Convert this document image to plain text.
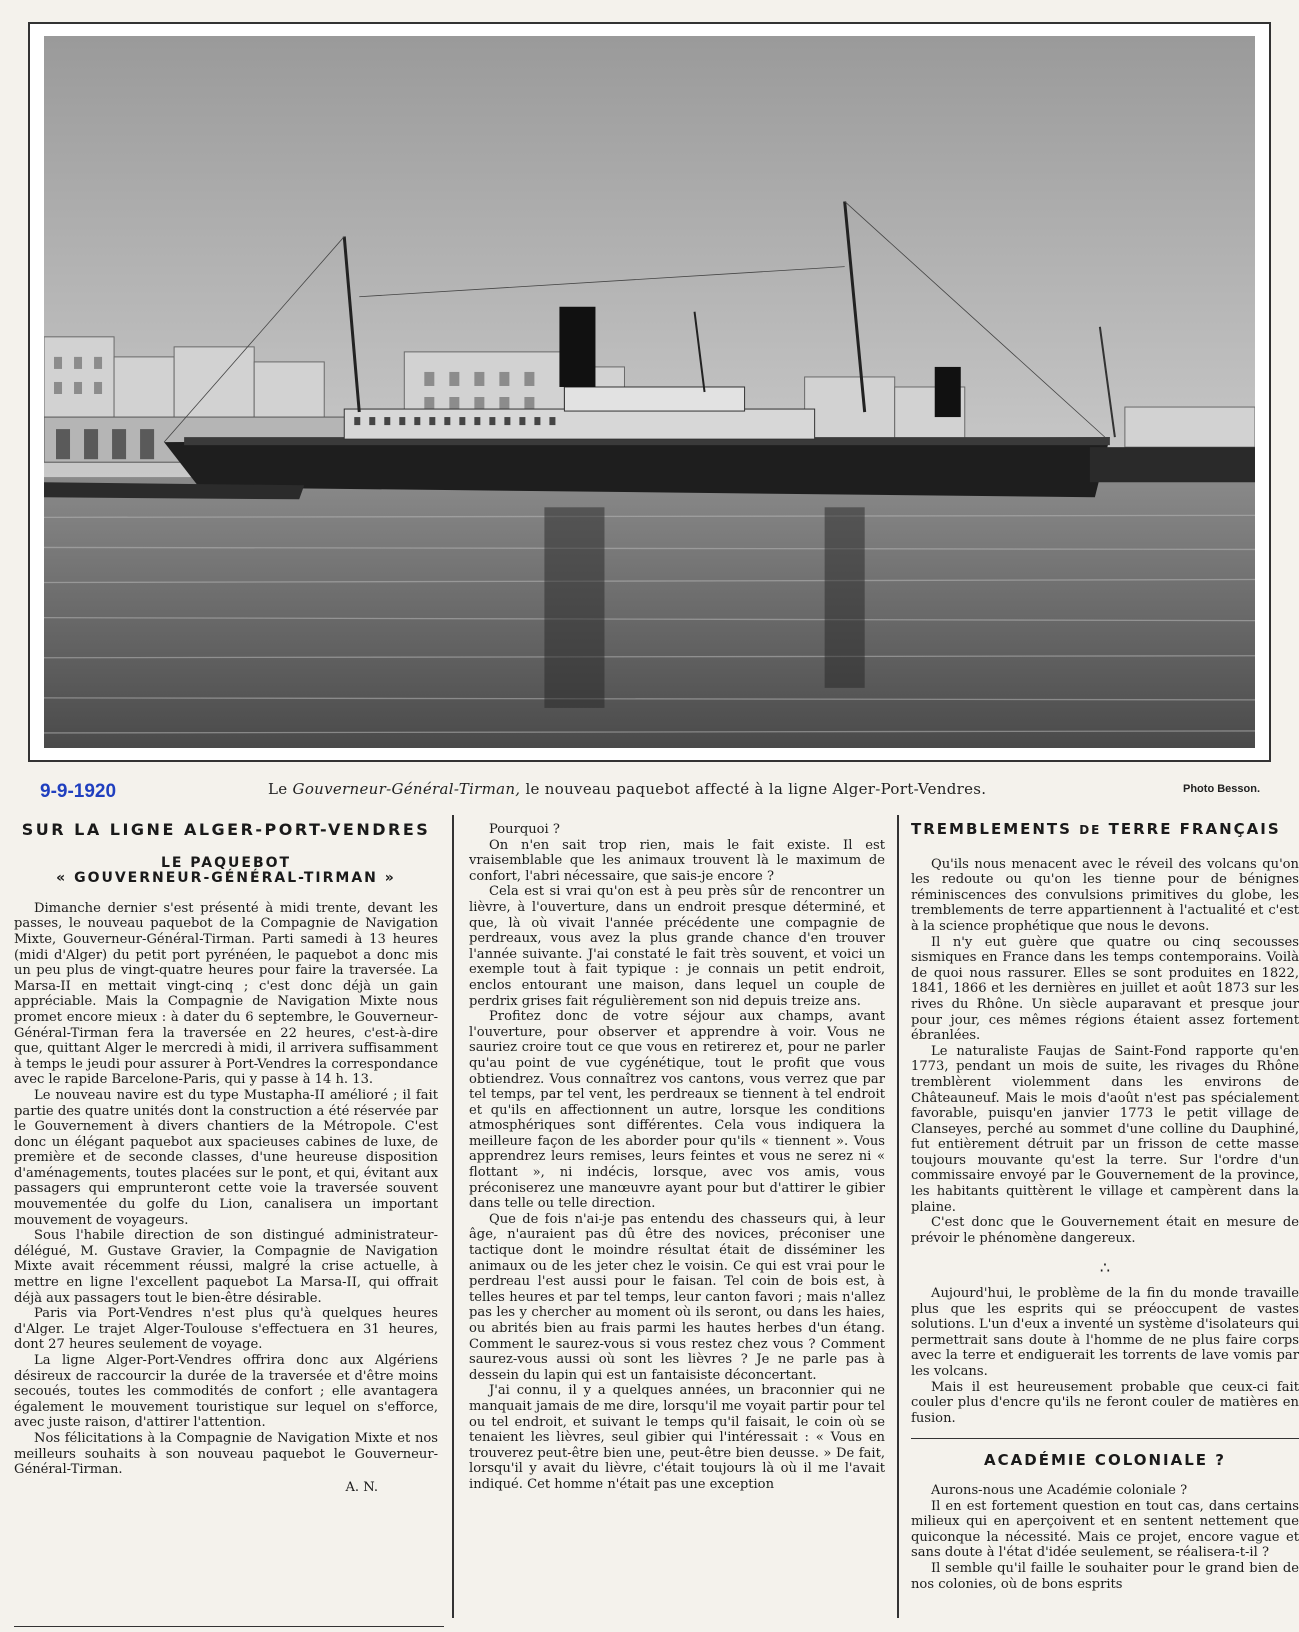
9-9-1920	Le Gouverneur-Général-Tirman, le nouveau paquebot affecté à la ligne Alger-Port-Vendres.	Photo Besson.
SUR LA LIGNE ALGER-PORT-VENDRES
LE PAQUEBOT
« GOUVERNEUR-GÉNÉRAL-TIRMAN »

Dimanche dernier s'est présenté à midi trente, devant les passes, le nouveau paquebot de la Compagnie de Navigation Mixte, Gouverneur-Général-Tirman. Parti samedi à 13 heures (midi d'Alger) du petit port pyrénéen, le paquebot a donc mis un peu plus de vingt-quatre heures pour faire la traversée. La Marsa-II en mettait vingt-cinq ; c'est donc déjà un gain appréciable. Mais la Compagnie de Navigation Mixte nous promet encore mieux : à dater du 6 septembre, le Gouverneur-Général-Tirman fera la traversée en 22 heures, c'est-à-dire que, quittant Alger le mercredi à midi, il arrivera suffisamment à temps le jeudi pour assurer à Port-Vendres la correspondance avec le rapide Barcelone-Paris, qui y passe à 14 h. 13.

Le nouveau navire est du type Mustapha-II amélioré ; il fait partie des quatre unités dont la construction a été réservée par le Gouvernement à divers chantiers de la Métropole. C'est donc un élégant paquebot aux spacieuses cabines de luxe, de première et de seconde classes, d'une heureuse disposition d'aménagements, toutes placées sur le pont, et qui, évitant aux passagers qui emprunteront cette voie la traversée souvent mouvementée du golfe du Lion, canalisera un important mouvement de voyageurs.

Sous l'habile direction de son distingué administrateur-délégué, M. Gustave Gravier, la Compagnie de Navigation Mixte avait récemment réussi, malgré la crise actuelle, à mettre en ligne l'excellent paquebot La Marsa-II, qui offrait déjà aux passagers tout le bien-être désirable.

Paris via Port-Vendres n'est plus qu'à quelques heures d'Alger. Le trajet Alger-Toulouse s'effectuera en 31 heures, dont 27 heures seulement de voyage.

La ligne Alger-Port-Vendres offrira donc aux Algériens désireux de raccourcir la durée de la traversée et d'être moins secoués, toutes les commodités de confort ; elle avantagera également le mouvement touristique sur lequel on s'efforce, avec juste raison, d'attirer l'attention.

Nos félicitations à la Compagnie de Navigation Mixte et nos meilleurs souhaits à son nouveau paquebot le Gouverneur-Général-Tirman.

A. N.

Pourquoi ?

On n'en sait trop rien, mais le fait existe. Il est vraisemblable que les animaux trouvent là le maximum de confort, l'abri nécessaire, que sais-je encore ?

Cela est si vrai qu'on est à peu près sûr de rencontrer un lièvre, à l'ouverture, dans un endroit presque déterminé, et que, là où vivait l'année précédente une compagnie de perdreaux, vous avez la plus grande chance d'en trouver l'année suivante. J'ai constaté le fait très souvent, et voici un exemple tout à fait typique : je connais un petit endroit, enclos entourant une maison, dans lequel un couple de perdrix grises fait régulièrement son nid depuis treize ans.

Profitez donc de votre séjour aux champs, avant l'ouverture, pour observer et apprendre à voir. Vous ne sauriez croire tout ce que vous en retirerez et, pour ne parler qu'au point de vue cygénétique, tout le profit que vous obtiendrez. Vous connaîtrez vos cantons, vous verrez que par tel temps, par tel vent, les perdreaux se tiennent à tel endroit et qu'ils en affectionnent un autre, lorsque les conditions atmosphériques sont différentes. Cela vous indiquera la meilleure façon de les aborder pour qu'ils « tiennent ». Vous apprendrez leurs remises, leurs feintes et vous ne serez ni « flottant », ni indécis, lorsque, avec vos amis, vous préconiserez une manœuvre ayant pour but d'attirer le gibier dans telle ou telle direction.

Que de fois n'ai-je pas entendu des chasseurs qui, à leur âge, n'auraient pas dû être des novices, préconiser une tactique dont le moindre résultat était de disséminer les animaux ou de les jeter chez le voisin. Ce qui est vrai pour le perdreau l'est aussi pour le faisan. Tel coin de bois est, à telles heures et par tel temps, leur canton favori ; mais n'allez pas les y chercher au moment où ils seront, ou dans les haies, ou abrités bien au frais parmi les hautes herbes d'un étang. Comment le saurez-vous si vous restez chez vous ? Comment saurez-vous aussi où sont les lièvres ? Je ne parle pas à dessein du lapin qui est un fantaisiste déconcertant.

J'ai connu, il y a quelques années, un braconnier qui ne manquait jamais de me dire, lorsqu'il me voyait partir pour tel ou tel endroit, et suivant le temps qu'il faisait, le coin où se tenaient les lièvres, seul gibier qui l'intéressait : « Vous en trouverez peut-être bien une, peut-être bien deusse. » De fait, lorsqu'il y avait du lièvre, c'était toujours là où il me l'avait indiqué. Cet homme n'était pas une exception

TREMBLEMENTS DE TERRE FRANÇAIS

Qu'ils nous menacent avec le réveil des volcans qu'on les redoute ou qu'on les tienne pour de bénignes réminiscences des convulsions primitives du globe, les tremblements de terre appartiennent à l'actualité et c'est à la science prophétique que nous le devons.

Il n'y eut guère que quatre ou cinq secousses sismiques en France dans les temps contemporains. Voilà de quoi nous rassurer. Elles se sont produites en 1822, 1841, 1866 et les dernières en juillet et août 1873 sur les rives du Rhône. Un siècle auparavant et presque jour pour jour, ces mêmes régions étaient assez fortement ébranlées.

Le naturaliste Faujas de Saint-Fond rapporte qu'en 1773, pendant un mois de suite, les rivages du Rhône tremblèrent violemment dans les environs de Châteauneuf. Mais le mois d'août n'est pas spécialement favorable, puisqu'en janvier 1773 le petit village de Clanseyes, perché au sommet d'une colline du Dauphiné, fut entièrement détruit par un frisson de cette masse toujours mouvante qu'est la terre. Sur l'ordre d'un commissaire envoyé par le Gouvernement de la province, les habitants quittèrent le village et campèrent dans la plaine.

C'est donc que le Gouvernement était en mesure de prévoir le phénomène dangereux.

∴

Aujourd'hui, le problème de la fin du monde travaille plus que les esprits qui se préoccupent de vastes solutions. L'un d'eux a inventé un système d'isolateurs qui permettrait sans doute à l'homme de ne plus faire corps avec la terre et endiguerait les torrents de lave vomis par les volcans.

Mais il est heureusement probable que ceux-ci fait couler plus d'encre qu'ils ne feront couler de matières en fusion.

ACADÉMIE COLONIALE ?

Aurons-nous une Académie coloniale ?

Il en est fortement question en tout cas, dans certains milieux qui en aperçoivent et en sentent nettement que quiconque la nécessité. Mais ce projet, encore vague et sans doute à l'état d'idée seulement, se réalisera-t-il ?

Il semble qu'il faille le souhaiter pour le grand bien de nos colonies, où de bons esprits
